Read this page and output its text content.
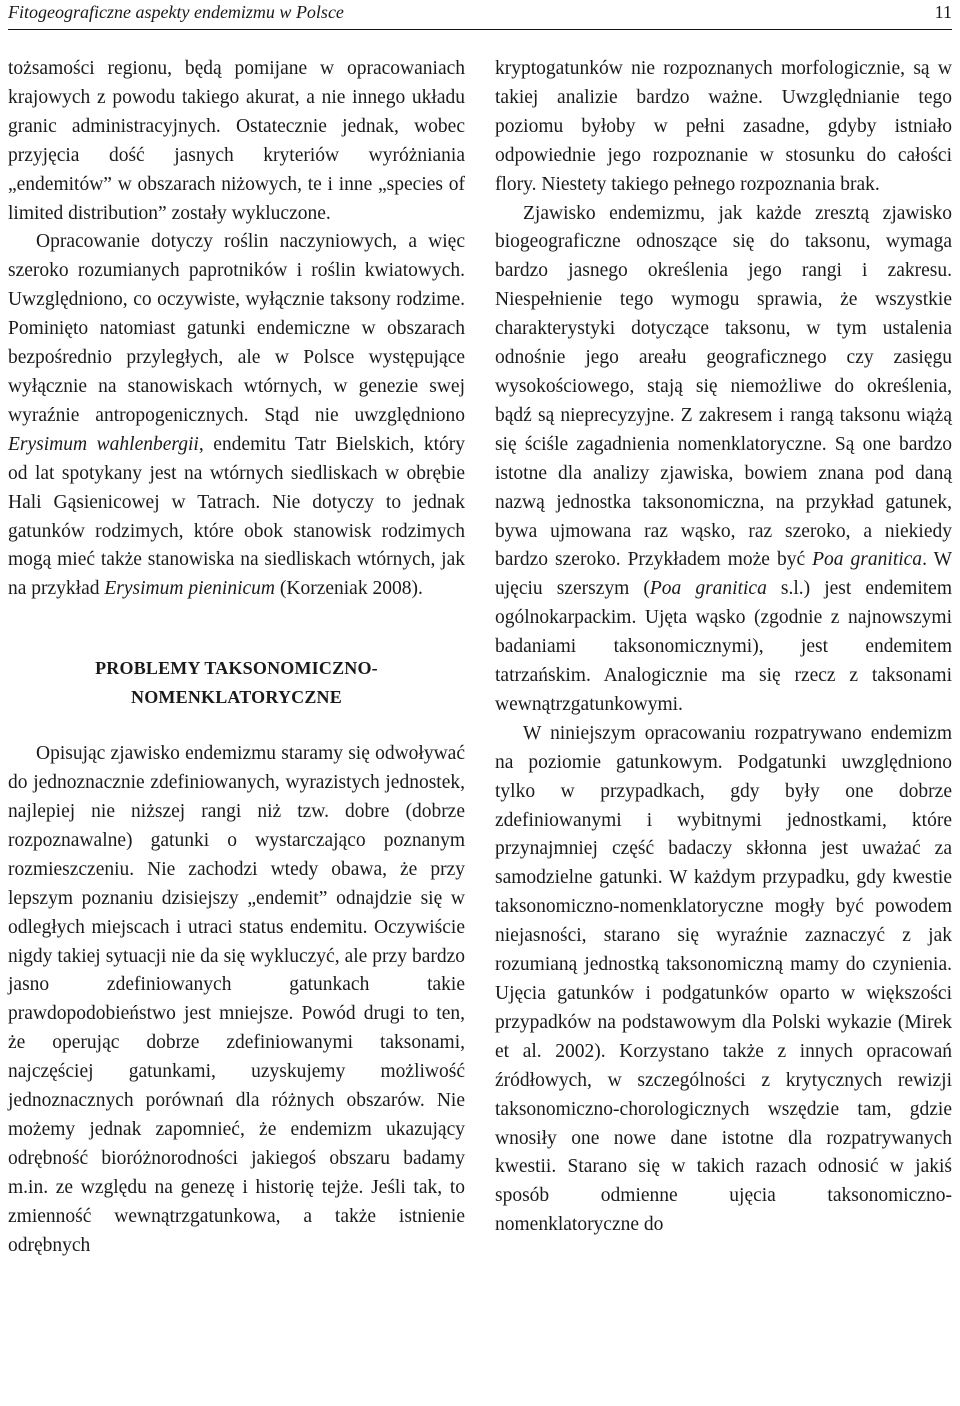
Fitogeograficzne aspekty endemizmu w Polsce	11

tożsamości regionu, będą pomijane w opracowaniach krajowych z powodu takiego akurat, a nie innego układu granic administracyjnych. Ostatecznie jednak, wobec przyjęcia dość jasnych kryteriów wyróżniania „endemitów” w obszarach niżowych, te i inne „species of limited distribution” zostały wykluczone.

Opracowanie dotyczy roślin naczyniowych, a więc szeroko rozumianych paprotników i roślin kwiatowych. Uwzględniono, co oczywiste, wyłącznie taksony rodzime. Pominięto natomiast gatunki endemiczne w obszarach bezpośrednio przyległych, ale w Polsce występujące wyłącznie na stanowiskach wtórnych, w genezie swej wyraźnie antropogenicznych. Stąd nie uwzględniono Erysimum wahlenbergii, endemitu Tatr Bielskich, który od lat spotykany jest na wtórnych siedliskach w obrębie Hali Gąsienicowej w Tatrach. Nie dotyczy to jednak gatunków rodzimych, które obok stanowisk rodzimych mogą mieć także stanowiska na siedliskach wtórnych, jak na przykład Erysimum pieninicum (Korzeniak 2008).

PROBLEMY TAKSONOMICZNO-
NOMENKLATORYCZNE

Opisując zjawisko endemizmu staramy się odwoływać do jednoznacznie zdefiniowanych, wyrazistych jednostek, najlepiej nie niższej rangi niż tzw. dobre (dobrze rozpoznawalne) gatunki o wystarczająco poznanym rozmieszczeniu. Nie zachodzi wtedy obawa, że przy lepszym poznaniu dzisiejszy „endemit” odnajdzie się w odległych miejscach i utraci status endemitu. Oczywiście nigdy takiej sytuacji nie da się wykluczyć, ale przy bardzo jasno zdefiniowanych gatunkach takie prawdopodobieństwo jest mniejsze. Powód drugi to ten, że operując dobrze zdefiniowanymi taksonami, najczęściej gatunkami, uzyskujemy możliwość jednoznacznych porównań dla różnych obszarów. Nie możemy jednak zapomnieć, że endemizm ukazujący odrębność bioróżnorodności jakiegoś obszaru badamy m.in. ze względu na genezę i historię tejże. Jeśli tak, to zmienność wewnątrzgatunkowa, a także istnienie odrębnych

kryptogatunków nie rozpoznanych morfologicznie, są w takiej analizie bardzo ważne. Uwzględnianie tego poziomu byłoby w pełni zasadne, gdyby istniało odpowiednie jego rozpoznanie w stosunku do całości flory. Niestety takiego pełnego rozpoznania brak.

Zjawisko endemizmu, jak każde zresztą zjawisko biogeograficzne odnoszące się do taksonu, wymaga bardzo jasnego określenia jego rangi i zakresu. Niespełnienie tego wymogu sprawia, że wszystkie charakterystyki dotyczące taksonu, w tym ustalenia odnośnie jego areału geograficznego czy zasięgu wysokościowego, stają się niemożliwe do określenia, bądź są nieprecyzyjne. Z zakresem i rangą taksonu wiążą się ściśle zagadnienia nomenklatoryczne. Są one bardzo istotne dla analizy zjawiska, bowiem znana pod daną nazwą jednostka taksonomiczna, na przykład gatunek, bywa ujmowana raz wąsko, raz szeroko, a niekiedy bardzo szeroko. Przykładem może być Poa granitica. W ujęciu szerszym (Poa granitica s.l.) jest endemitem ogólnokarpackim. Ujęta wąsko (zgodnie z najnowszymi badaniami taksonomicznymi), jest endemitem tatrzańskim. Analogicznie ma się rzecz z taksonami wewnątrzgatunkowymi.

W niniejszym opracowaniu rozpatrywano endemizm na poziomie gatunkowym. Podgatunki uwzględniono tylko w przypadkach, gdy były one dobrze zdefiniowanymi i wybitnymi jednostkami, które przynajmniej część badaczy skłonna jest uważać za samodzielne gatunki. W każdym przypadku, gdy kwestie taksonomiczno-nomenklatoryczne mogły być powodem niejasności, starano się wyraźnie zaznaczyć z jak rozumianą jednostką taksonomiczną mamy do czynienia. Ujęcia gatunków i podgatunków oparto w większości przypadków na podstawowym dla Polski wykazie (Mirek et al. 2002). Korzystano także z innych opracowań źródłowych, w szczególności z krytycznych rewizji taksonomiczno-chorologicznych wszędzie tam, gdzie wnosiły one nowe dane istotne dla rozpatrywanych kwestii. Starano się w takich razach odnosić w jakiś sposób odmienne ujęcia taksonomiczno-nomenklatoryczne do
